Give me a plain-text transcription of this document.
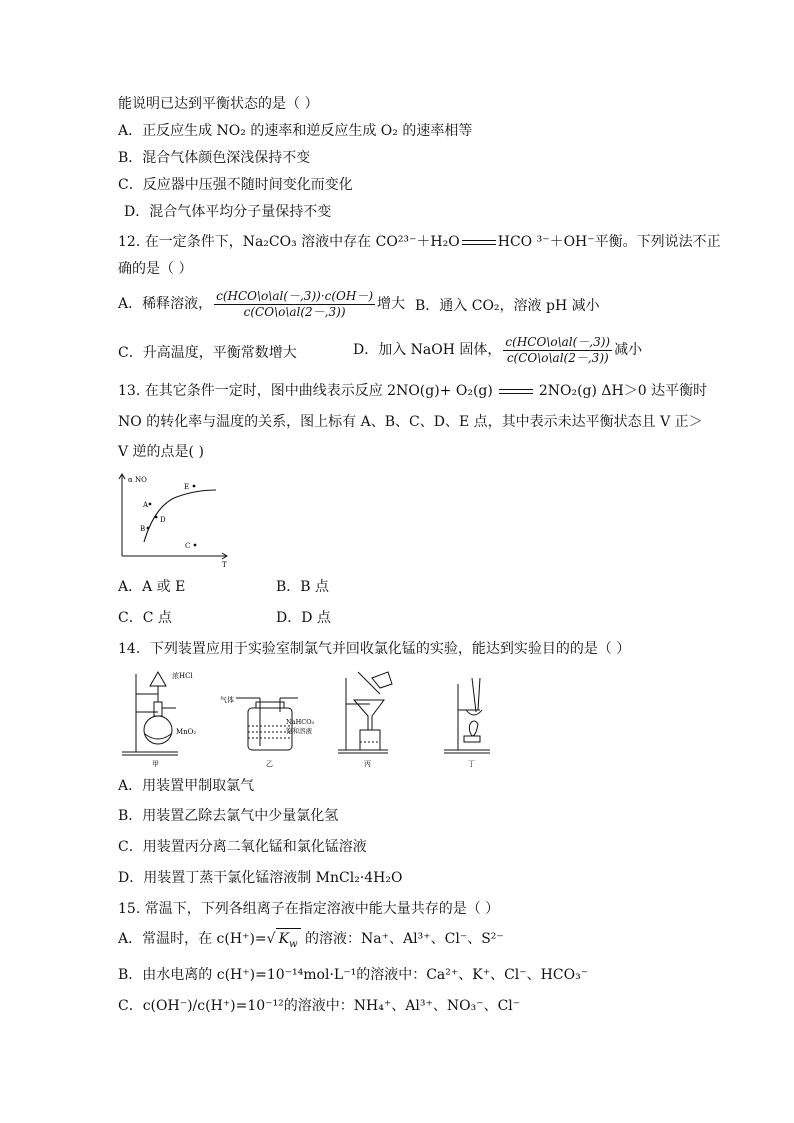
能说明已达到平衡状态的是（ ）
A．正反应生成 NO₂ 的速率和逆反应生成 O₂ 的速率相等
B．混合气体颜色深浅保持不变
C．反应器中压强不随时间变化而变化
D．混合气体平均分子量保持不变
12. 在一定条件下，Na₂CO₃ 溶液中存在 CO²³⁻＋H₂O	HCO ³⁻＋OH⁻平衡。下列说法不正
确的是（ ）
A．稀释溶液， $\frac{\text{c(HCO\textbackslash{}o\textbackslash{}al(－,3))·c(OH－)}}{c(CO\backslash o\backslash al(2-,3))}$ 增大 B．通入 CO₂，溶液 pH 减小
C．升高温度，平衡常数增大	D．加入 NaOH 固体， $\frac{\text{c(HCO\textbackslash{}o\textbackslash{}al(－,3))}}{c(CO\backslash o\backslash al(2-,3))}$ 减小
13. 在其它条件一定时，图中曲线表示反应 2NO(g)+ O₂(g)	2NO₂(g) ΔH＞0 达平衡时
NO 的转化率与温度的关系，图上标有 A、B、C、D、E 点，其中表示未达平衡状态且 V 正＞
V 逆的点是( )
α NO
T
A
B
C
D
E
A．A 或 E	B．B 点
C．C 点	D．D 点
14．下列装置应用于实验室制氯气并回收氯化锰的实验，能达到实验目的的是（ ）
浓HCl
MnO₂
甲
气体
NaHCO₃
饱和溶液
乙	丙	丁
A．用装置甲制取氯气
B．用装置乙除去氯气中少量氯化氢
C．用装置丙分离二氧化锰和氯化锰溶液
D．用装置丁蒸干氯化锰溶液制 MnCl₂·4H₂O
15. 常温下，下列各组离子在指定溶液中能大量共存的是（ ）
A．常温时，在 c(H⁺)=√ $K_w$ 的溶液：Na⁺、Al³⁺、Cl⁻、S²⁻
B．由水电离的 c(H⁺)=10⁻¹⁴mol·L⁻¹的溶液中：Ca²⁺、K⁺、Cl⁻、HCO₃⁻
C．c(OH⁻)/c(H⁺)=10⁻¹²的溶液中：NH₄⁺、Al³⁺、NO₃⁻、Cl⁻
